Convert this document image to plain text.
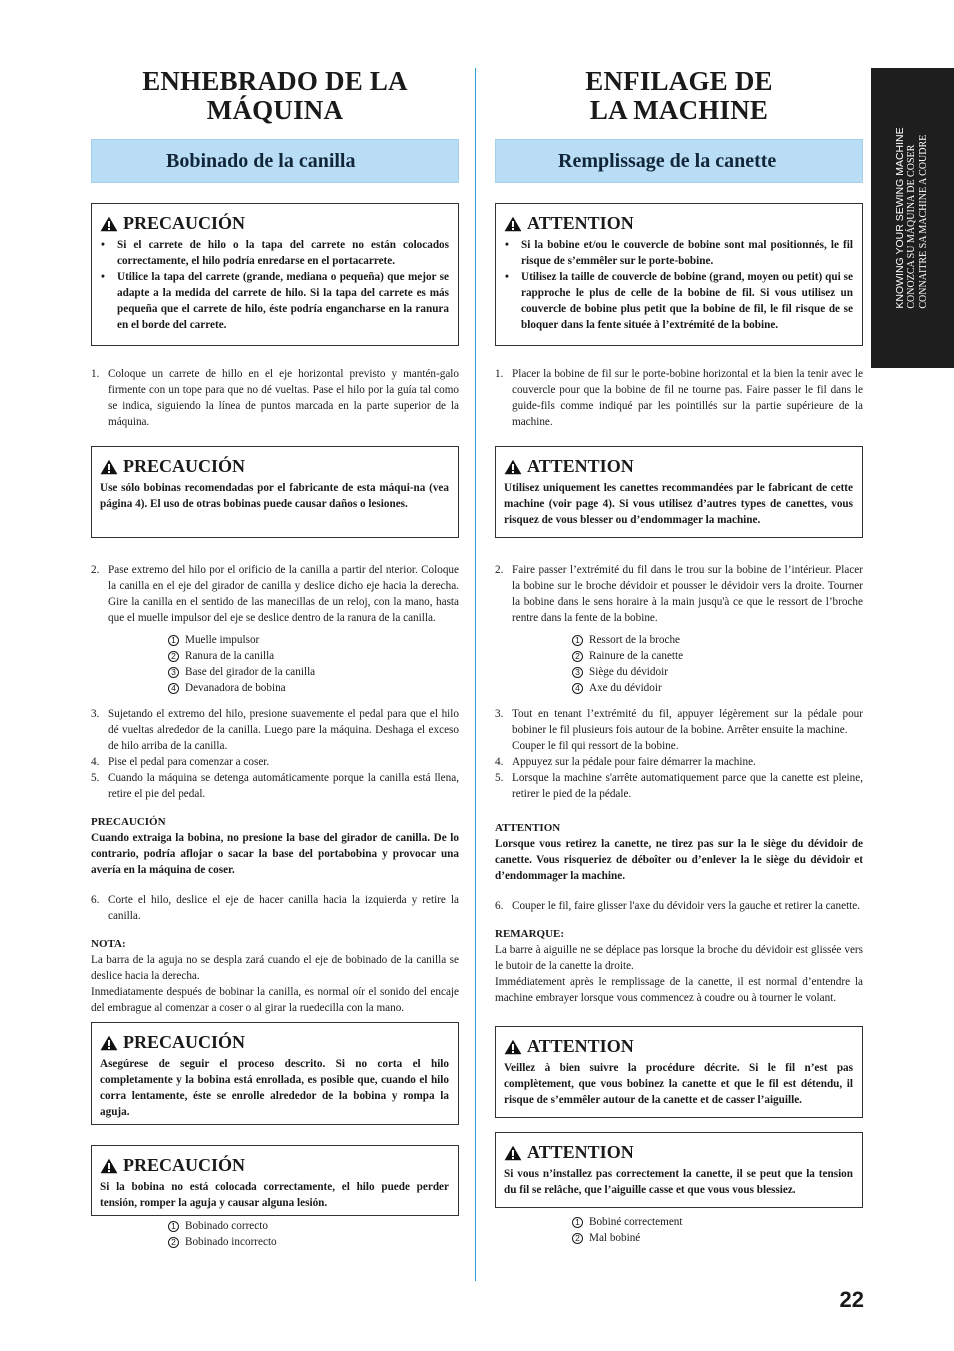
ENHEBRADO DE LA
MÁQUINA
Bobinado de la canilla
PRECAUCIÓN
• Si el carrete de hilo o la tapa del carrete no están colocados correctamente, el hilo podría enredarse en el portacarrete.
• Utilice la tapa del carrete (grande, mediana o pequeña) que mejor se adapte a la medida del carrete de hilo. Si la tapa del carrete es más pequeña que el carrete de hilo, éste podría engancharse en la ranura en el borde del carrete.

1. Coloque un carrete de hillo en el eje horizontal previsto y mantén-galo firmente con un tope para que no dé vueltas. Pase el hilo por la guía tal como se indica, siguiendo la línea de puntos marcada en la parte superior de la máquina.

PRECAUCIÓN

Use sólo bobinas recomendadas por el fabricante de esta máqui-na (vea página 4). El uso de otras bobinas puede causar daños o lesiones.

2. Pase extremo del hilo por el orificio de la canilla a partir del nterior. Coloque la canilla en el eje del girador de canilla y deslice dicho eje hacia la derecha. Gire la canilla en el sentido de las manecillas de un reloj, con la mano, hasta que el muelle impulsor del eje se deslice dentro de la ranura de la canilla.

1 Muelle impulsor
2 Ranura de la canilla
3 Base del girador de la canilla
4 Devanadora de bobina

3. Sujetando el extremo del hilo, presione suavemente el pedal para que el hilo dé vueltas alrededor de la canilla. Luego pare la máquina. Deshaga el exceso de hilo arriba de la canilla.

4. Pise el pedal para comenzar a coser.

5. Cuando la máquina se detenga automáticamente porque la canilla está llena, retire el pie del pedal.

PRECAUCIÓN

Cuando extraiga la bobina, no presione la base del girador de canilla. De lo contrario, podría aflojar o sacar la base del portabobina y provocar una avería en la máquina de coser.

6. Corte el hilo, deslice el eje de hacer canilla hacia la izquierda y retire la canilla.

NOTA:

La barra de la aguja no se despla zará cuando el eje de bobinado de la canilla se deslice hacia la derecha.

Inmediatamente después de bobinar la canilla, es normal oír el sonido del encaje del embrague al comenzar a coser o al girar la ruedecilla con la mano.

PRECAUCIÓN

Asegúrese de seguir el proceso descrito. Si no corta el hilo completamente y la bobina está enrollada, es posible que, cuando el hilo corra lentamente, éste se enrolle alrededor de la bobina y rompa la aguja.

PRECAUCIÓN

Si la bobina no está colocada correctamente, el hilo puede perder tensión, romper la aguja y causar alguna lesión.

1 Bobinado correcto
2 Bobinado incorrecto
ENFILAGE DE
LA MACHINE
Remplissage de la canette
ATTENTION
• Si la bobine et/ou le couvercle de bobine sont mal positionnés, le fil risque de s’emmêler sur le porte-bobine.
• Utilisez la taille de couvercle de bobine (grand, moyen ou petit) qui se rapproche le plus de celle de la bobine de fil. Si vous utilisez un couvercle de bobine plus petit que la bobine de fil, le fil risque de se bloquer dans la fente située à l’extrémité de la bobine.

1. Placer la bobine de fil sur le porte-bobine horizontal et la bien la tenir avec le couvercle pour que la bobine de fil ne tourne pas. Faire passer le fil dans le guide-fils comme indiqué par les pointillés sur la partie supérieure de la machine.

ATTENTION

Utilisez uniquement les canettes recommandées par le fabricant de cette machine (voir page 4). Si vous utilisez d’autres types de canettes, vous risquez de vous blesser ou d’endommager la machine.

2. Faire passer l’extrémité du fil dans le trou sur la bobine de l’intérieur. Placer la bobine sur le broche dévidoir et pousser le dévidoir vers la droite. Tourner la bobine dans le sens horaire à la main jusqu'à ce que le ressort de l’broche rentre dans la fente de la bobine.

1 Ressort de la broche
2 Rainure de la canette
3 Siège du dévidoir
4 Axe du dévidoir

3. Tout en tenant l’extrémité du fil, appuyer légèrement sur la pédale pour bobiner le fil plusieurs fois autour de la bobine. Arrêter ensuite la machine.

Couper le fil qui ressort de la bobine.

4. Appuyez sur la pédale pour faire démarrer la machine.

5. Lorsque la machine s'arrête automatiquement parce que la canette est pleine, retirer le pied de la pédale.

ATTENTION

Lorsque vous retirez la canette, ne tirez pas sur la le siège du dévidoir de canette. Vous risqueriez de déboîter ou d’enlever la le siège du dévidoir et d’endommager la machine.

6. Couper le fil, faire glisser l'axe du dévidoir vers la gauche et retirer la canette.

REMARQUE:

La barre à aiguille ne se déplace pas lorsque la broche du dévidoir est glissée vers le butoir de la canette la droite.

Immédiatement après le remplissage de la canette, il est normal d’entendre la machine embrayer lorsque vous commencez à coudre ou à tourner le volant.

ATTENTION

Veillez à bien suivre la procédure décrite. Si le fil n’est pas complètement, que vous bobinez la canette et que le fil est détendu, il risque de s’emmêler autour de la canette et de casser l’aiguille.

ATTENTION

Si vous n’installez pas correctement la canette, il se peut que la tension du fil se relâche, que l’aiguille casse et que vous vous blessiez.

1 Bobiné correctement
2 Mal bobiné
KNOWING YOUR SEWING MACHINE CONOZCA SU MÁQUINA DE COSER CONNAITRE SA MACHINE A COUDRE
22
